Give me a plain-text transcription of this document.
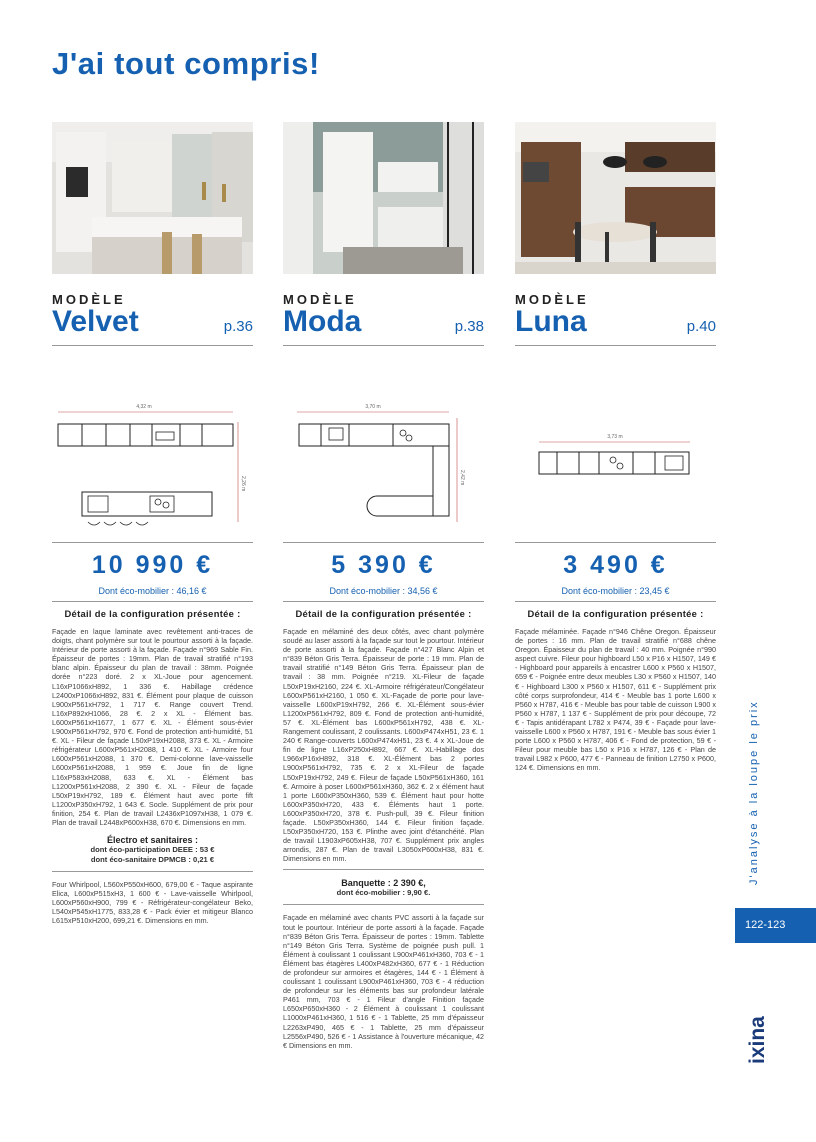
J'ai tout compris!
MODÈLE
Velvet	p.36
4,32 m
2,26 m
10 990 €
Dont éco-mobilier : 46,16 €
Détail de la configuration présentée :
Façade en laque laminate avec revêtement anti-traces de doigts, chant polymère sur tout le pourtour assorti à la façade. Intérieur de porte assorti à la façade. Façade n°969 Sable Fin. Épaisseur de portes : 19mm. Plan de travail stratifié n°193 blanc alpin. Épaisseur du plan de travail : 38mm. Poignée dorée n°223 doré. 2 x XL-Joue pour agencement. L16xP1066xH892, 1 336 €. Habillage crédence L2400xP1066xH892, 831 €. Élément pour plaque de cuisson L900xP561xH792, 1 717 €. Range couvert Trend. L16xP892xH1066, 28 €. 2 x XL - Élément bas. L600xP561xH1677, 1 677 €. XL - Élément sous-évier L900xP561xH792, 970 €. Fond de protection anti-humidité, 51 €. XL - Fileur de façade L50xP19xH2088, 373 €. XL - Armoire réfrigérateur L600xP561xH2088, 1 410 €. XL - Armoire four L600xP561xH2088, 1 370 €. Demi-colonne lave-vaisselle L600xP561xH2088, 1 959 €. Joue fin de ligne L16xP583xH2088, 633 €. XL - Élément bas L1200xP561xH2088, 2 390 €. XL - Fileur de façade L50xP19xH792, 189 €. Élément haut avec porte fift L1200xP350xH792, 1 643 €. Socle. Supplément de prix pour finition, 254 €. Plan de travail L2436xP1097xH38, 1 079 €. Plan de travail L2448xP600xH38, 670 €. Dimensions en mm.
Électro et sanitaires :
dont éco-participation DEEE : 53 €
dont éco-sanitaire DPMCB : 0,21 €
Four Whirlpool, L560xP550xH600, 679,00 € - Taque aspirante Elica, L600xP515xH3, 1 600 € - Lave-vaisselle Whirlpool, L600xP560xH900, 799 € - Réfrigérateur-congélateur Beko, L540xP545xH1775, 833,28 € - Pack évier et mitigeur Blanco L615xP510xH200, 699,21 €. Dimensions en mm.
MODÈLE
Moda	p.38
3,70 m
2,42 m
5 390 €
Dont éco-mobilier : 34,56 €
Détail de la configuration présentée :
Façade en mélaminé des deux côtés, avec chant polymère soudé au laser assorti à la façade sur tout le pourtour. Intérieur de porte assorti à la façade. Façade n°427 Blanc Alpin et n°839 Béton Gris Terra. Épaisseur de porte : 19 mm. Plan de travail stratifié n°149 Béton Gris Terra. Épaisseur plan de travail : 38 mm. Poignée n°219. XL-Fileur de façade L50xP19xH2160, 224 €. XL-Armoire réfrigérateur/Congélateur L600xP561xH2160, 1 050 €. XL-Façade de porte pour lave-vaisselle L600xP19xH792, 266 €. XL-Élément sous-évier L1200xP561xH792, 809 €. Fond de protection anti-humidité, 57 €. XL-Élément bas L600xP561xH792, 438 €. XL-Rangement coulissant, 2 coulissants. L600xP474xH51, 23 €. 1 240 € Range-couverts L600xP474xH51, 23 €. 4 x XL-Joue de fin de ligne L16xP250xH892, 667 €. XL-Habillage dos L966xP16xH892, 318 €. XL-Élément bas 2 portes L900xP561xH792, 735 €. 2 x XL-Fileur de façade L50xP19xH792, 249 €. Fileur de façade L50xP561xH360, 161 €. Armoire à poser L600xP561xH360, 362 €. 2 x élément haut 1 porte L600xP350xH360, 539 €. Élément haut pour hotte L600xP350xH720, 433 €. Éléments haut 1 porte. L600xP350xH720, 378 €. Push-pull, 39 €. Fileur finition façade. L50xP350xH360, 144 €. Fileur finition façade. L50xP350xH720, 153 €. Plinthe avec joint d'étanchéité. Plan de travail L1903xP605xH38, 707 €. Supplément prix angles arrondis, 287 €. Plan de travail L3050xP600xH38, 831 €. Dimensions en mm.
Banquette : 2 390 €,
dont éco-mobilier : 9,90 €.
Façade en mélaminé avec chants PVC assorti à la façade sur tout le pourtour. Intérieur de porte assorti à la façade. Façade n°839 Béton Gris Terra. Épaisseur de portes : 19mm. Tablette n°149 Béton Gris Terra. Système de poignée push pull. 1 Élément à coulissant 1 coulissant L900xP461xH360, 703 € - 1 Élément bas étagères L400xP482xH360, 677 € - 1 Réduction de profondeur sur armoires et étagères, 144 € - 1 Élément à coulissant 1 coulissant L900xP461xH360, 703 € - 4 réduction de profondeur sur les éléments bas sur profondeur latérale P461 mm, 703 € - 1 Fileur d'angle Finition façade L650xP650xH360 - 2 Élément à coulissant 1 coulissant L1000xP461xH360, 1 516 € - 1 Tablette, 25 mm d'épaisseur L2263xP490, 465 € - 1 Tablette, 25 mm d'épaisseur L2556xP490, 526 € - 1 Assistance à l'ouverture mécanique, 42 € Dimensions en mm.
MODÈLE
Luna	p.40
3,73 m
3 490 €
Dont éco-mobilier : 23,45 €
Détail de la configuration présentée :
Façade mélaminée. Façade n°946 Chêne Oregon. Épaisseur de portes : 16 mm. Plan de travail stratifié n°688 chêne Oregon. Épaisseur du plan de travail : 40 mm. Poignée n°990 aspect cuivre. Fileur pour highboard L50 x P16 x H1507, 149 € - Highboard pour appareils à encastrer L600 x P560 x H1507, 659 € - Poignée entre deux meubles L30 x P560 x H1507, 140 € - Highboard L300 x P560 x H1507, 611 € - Supplément prix côté corps surprofondeur, 414 € - Meuble bas 1 porte L600 x P560 x H787, 416 € - Meuble bas pour table de cuisson L900 x P560 x H787, 1 137 € - Supplément de prix pour découpe, 72 € - Tapis antidérapant L782 x P474, 39 € - Façade pour lave-vaisselle L600 x P560 x H787, 191 € - Meuble bas sous évier 1 porte L600 x P560 x H787, 406 € - Fond de protection, 59 € - Fileur pour meuble bas L50 x P16 x H787, 126 € - Plan de travail L982 x P600, 477 € - Panneau de finition L2750 x P600, 124 €. Dimensions en mm.	J'analyse à la loupe le prix
122-123
ixina
